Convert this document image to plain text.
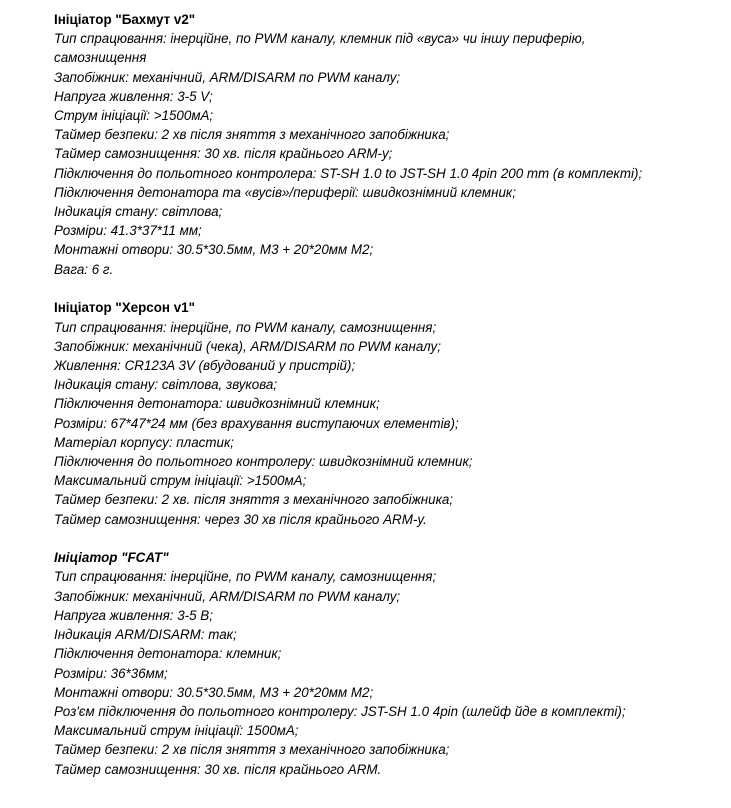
Ініціатор "Бахмут v2"
Тип спрацювання: інерційне, по PWM каналу, клемник під «вуса» чи іншу периферію, самознищення
Запобіжник: механічний, ARM/DISARM по PWM каналу;
Напруга живлення: 3-5 V;
Струм ініціації: >1500мА;
Таймер безпеки: 2 хв після зняття з механічного запобіжника;
Таймер самознищення: 30 хв. після крайнього ARM-у;
Підключення до польотного контролера: ST-SH 1.0 to JST-SH 1.0 4pin 200 mm (в комплекті);
Підключення детонатора та «вусів»/периферії: швидкознімний клемник;
Індикація стану: світлова;
Розміри: 41.3*37*11 мм;
Монтажні отвори: 30.5*30.5мм, М3 + 20*20мм М2;
Вага: 6 г.
Ініціатор "Херсон v1"
Тип спрацювання: інерційне, по PWM каналу, самознищення;
Запобіжник: механічний (чека), ARM/DISARM по PWM каналу;
Живлення: CR123A 3V (вбудований у пристрій);
Індикація стану: світлова, звукова;
Підключення детонатора: швидкознімний клемник;
Розміри: 67*47*24 мм (без врахування виступаючих елементів);
Матеріал корпусу: пластик;
Підключення до польотного контролеру: швидкознімний клемник;
Максимальний струм ініціації: >1500мА;
Таймер безпеки: 2 хв. після зняття з механічного запобіжника;
Таймер самознищення: через 30 хв після крайнього ARM-у.
Ініціатор "FCAT"
Тип спрацювання: інерційне, по PWM каналу, самознищення;
Запобіжник: механічний, ARM/DISARM по PWM каналу;
Напруга живлення: 3-5 В;
Індикація ARM/DISARM: так;
Підключення детонатора: клемник;
Розміри: 36*36мм;
Монтажні отвори: 30.5*30.5мм, М3 + 20*20мм М2;
Роз'єм підключення до польотного контролеру: JST-SH 1.0 4pin (шлейф йде в комплекті);
Максимальний струм ініціації: 1500мА;
Таймер безпеки: 2 хв після зняття з механічного запобіжника;
Таймер самознищення: 30 хв. після крайнього ARM.
